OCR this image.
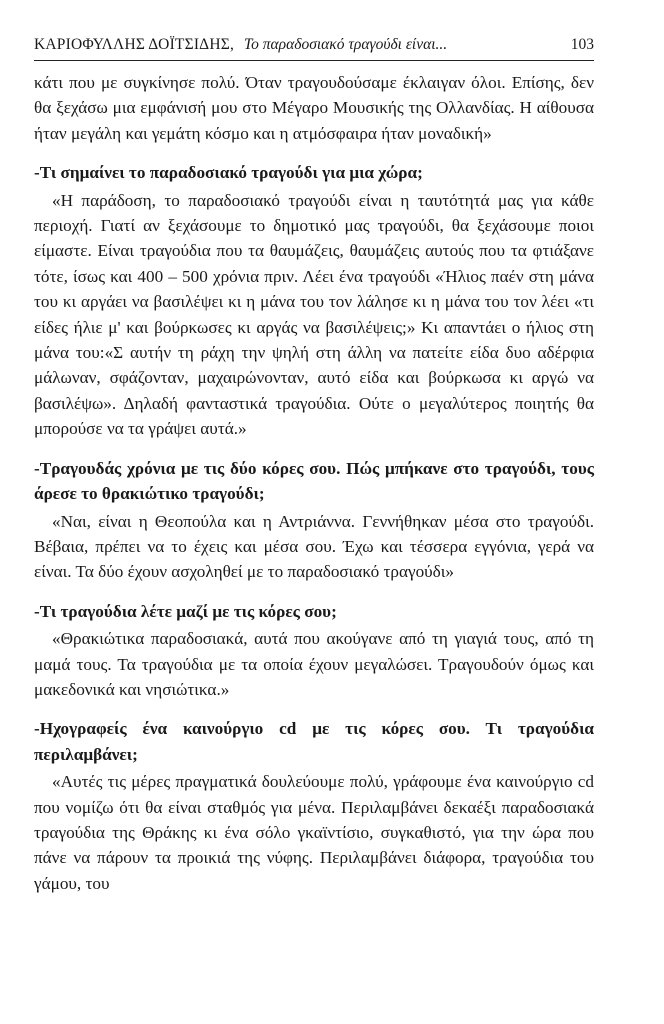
ΚΑΡΙΟΦΥΛΛΗΣ ΔΟΪΤΣΙΔΗΣ, Το παραδοσιακό τραγούδι είναι...	103

κάτι που με συγκίνησε πολύ. Όταν τραγουδούσαμε έκλαιγαν όλοι. Επίσης, δεν θα ξεχάσω μια εμφάνισή μου στο Μέγαρο Μουσικής της Ολλανδίας. Η αίθουσα ήταν μεγάλη και γεμάτη κόσμο και η ατμόσφαιρα ήταν μοναδική»

-Τι σημαίνει το παραδοσιακό τραγούδι για μια χώρα;

«Η παράδοση, το παραδοσιακό τραγούδι είναι η ταυτότητά μας για κάθε περιοχή. Γιατί αν ξεχάσουμε το δημοτικό μας τραγούδι, θα ξεχάσουμε ποιοι είμαστε. Είναι τραγούδια που τα θαυμάζεις, θαυμάζεις αυτούς που τα φτιάξανε τότε, ίσως και 400 – 500 χρόνια πριν. Λέει ένα τραγούδι «Ήλιος παέν στη μάνα του κι αργάει να βασιλέψει κι η μάνα του τον λάλησε κι η μάνα του τον λέει «τι είδες ήλιε μ' και βούρκωσες κι αργάς να βασιλέψεις;» Κι απαντάει ο ήλιος στη μάνα του:«Σ αυτήν τη ράχη την ψηλή στη άλλη να πατείτε είδα δυο αδέρφια μάλωναν, σφάζονταν, μαχαιρώνονταν, αυτό είδα και βούρκωσα κι αργώ να βασιλέψω». Δηλαδή φανταστικά τραγούδια. Ούτε ο μεγαλύτερος ποιητής θα μπορούσε να τα γράψει αυτά.»

-Τραγουδάς χρόνια με τις δύο κόρες σου. Πώς μπήκανε στο τραγούδι, τους άρεσε το θρακιώτικο τραγούδι;

«Ναι, είναι η Θεοπούλα και η Αντριάννα. Γεννήθηκαν μέσα στο τραγούδι. Βέβαια, πρέπει να το έχεις και μέσα σου. Έχω και τέσσερα εγγόνια, γερά να είναι. Τα δύο έχουν ασχοληθεί με το παραδοσιακό τραγούδι»

-Τι τραγούδια λέτε μαζί με τις κόρες σου;

«Θρακιώτικα παραδοσιακά, αυτά που ακούγανε από τη γιαγιά τους, από τη μαμά τους. Τα τραγούδια με τα οποία έχουν μεγαλώσει. Τραγουδούν όμως και μακεδονικά και νησιώτικα.»

-Ηχογραφείς ένα καινούργιο cd με τις κόρες σου. Τι τραγούδια περιλαμβάνει;

«Αυτές τις μέρες πραγματικά δουλεύουμε πολύ, γράφουμε ένα καινούργιο cd που νομίζω ότι θα είναι σταθμός για μένα. Περιλαμβάνει δεκαέξι παραδοσιακά τραγούδια της Θράκης κι ένα σόλο γκαϊντίσιο, συγκαθιστό, για την ώρα που πάνε να πάρουν τα προικιά της νύφης. Περιλαμβάνει διάφορα, τραγούδια του γάμου, του
